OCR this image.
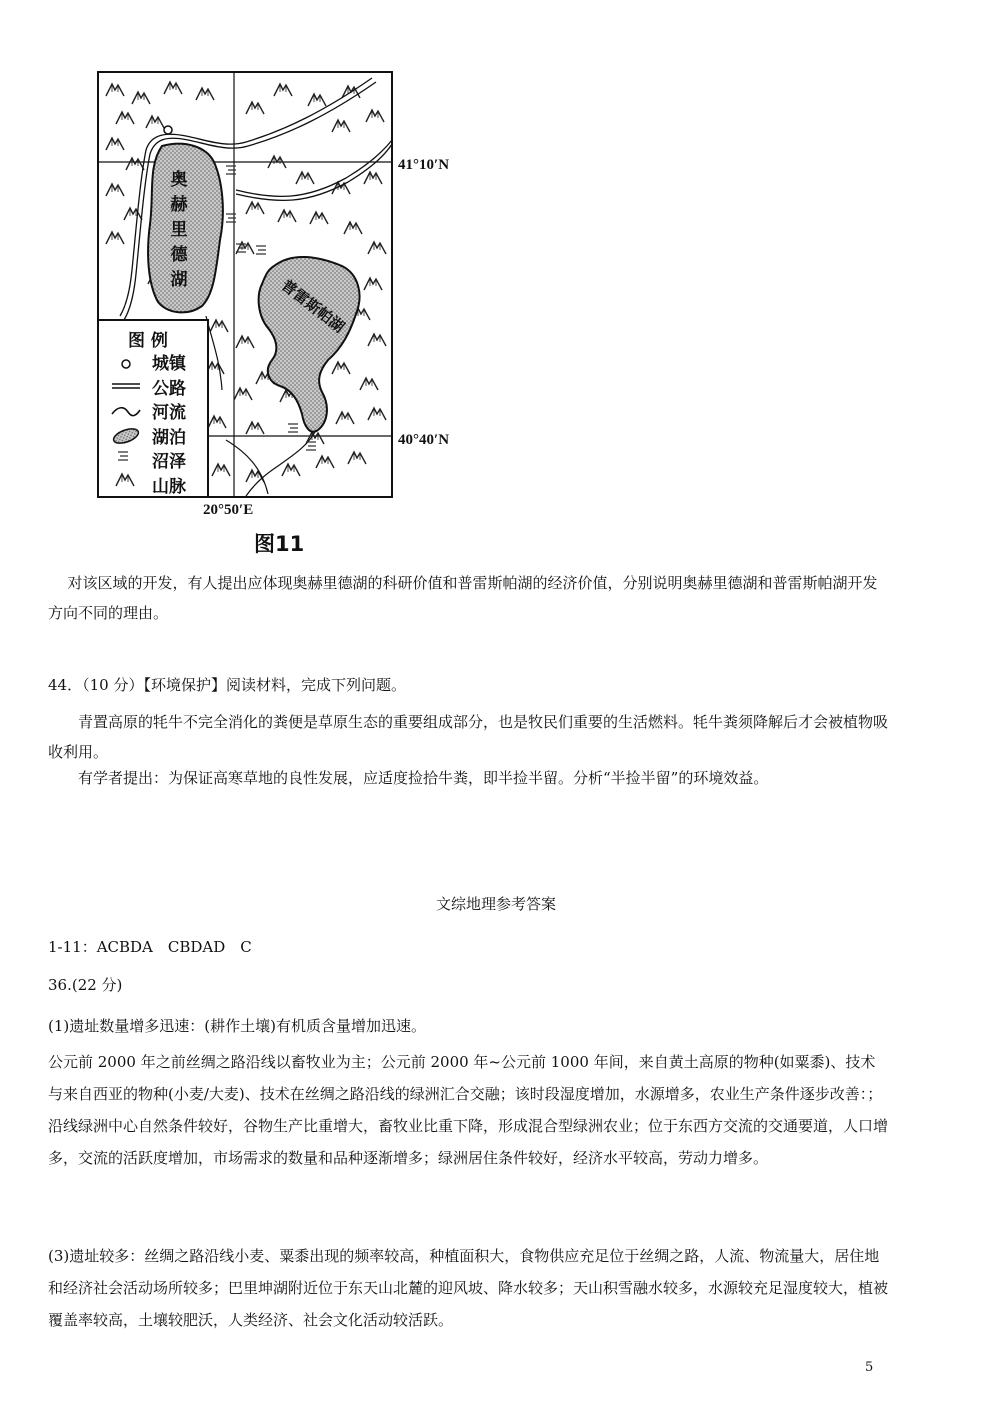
奥
赫
里
德
湖	普雷斯帕湖
图 例
城镇
公路
河流
湖泊
沼泽
山脉
41°10′N
40°40′N
20°50′E
图11
对该区域的开发，有人提出应体现奥赫里德湖的科研价值和普雷斯帕湖的经济价值，分别说明奥赫里德湖和普雷斯帕湖开发方向不同的理由。
44．（10 分）【环境保护】阅读材料，完成下列问题。
青置高原的牦牛不完全消化的粪便是草原生态的重要组成部分，也是牧民们重要的生活燃料。牦牛粪须降解后才会被植物吸收利用。
有学者提出：为保证高寒草地的良性发展，应适度捡拾牛粪，即半捡半留。分析“半捡半留”的环境效益。
文综地理参考答案
1-11：ACBDA　CBDAD　C
36.(22 分)
(1)遗址数量增多迅速：(耕作土壤)有机质含量增加迅速。
公元前 2000 年之前丝绸之路沿线以畜牧业为主；公元前 2000 年~公元前 1000 年间，来自黄土高原的物种(如粟黍)、技术与来自西亚的物种(小麦/大麦)、技术在丝绸之路沿线的绿洲汇合交融；该时段湿度增加，水源增多，农业生产条件逐步改善：；沿线绿洲中心自然条件较好，谷物生产比重增大，畜牧业比重下降，形成混合型绿洲农业；位于东西方交流的交通要道，人口增多，交流的活跃度增加，市场需求的数量和品种逐渐增多；绿洲居住条件较好，经济水平较高，劳动力增多。
(3)遗址较多：丝绸之路沿线小麦、粟黍出现的频率较高，种植面积大，食物供应充足位于丝绸之路，人流、物流量大，居住地和经济社会活动场所较多；巴里坤湖附近位于东天山北麓的迎风坡、降水较多；天山积雪融水较多，水源较充足湿度较大，植被覆盖率较高，土壤较肥沃，人类经济、社会文化活动较活跃。
5
